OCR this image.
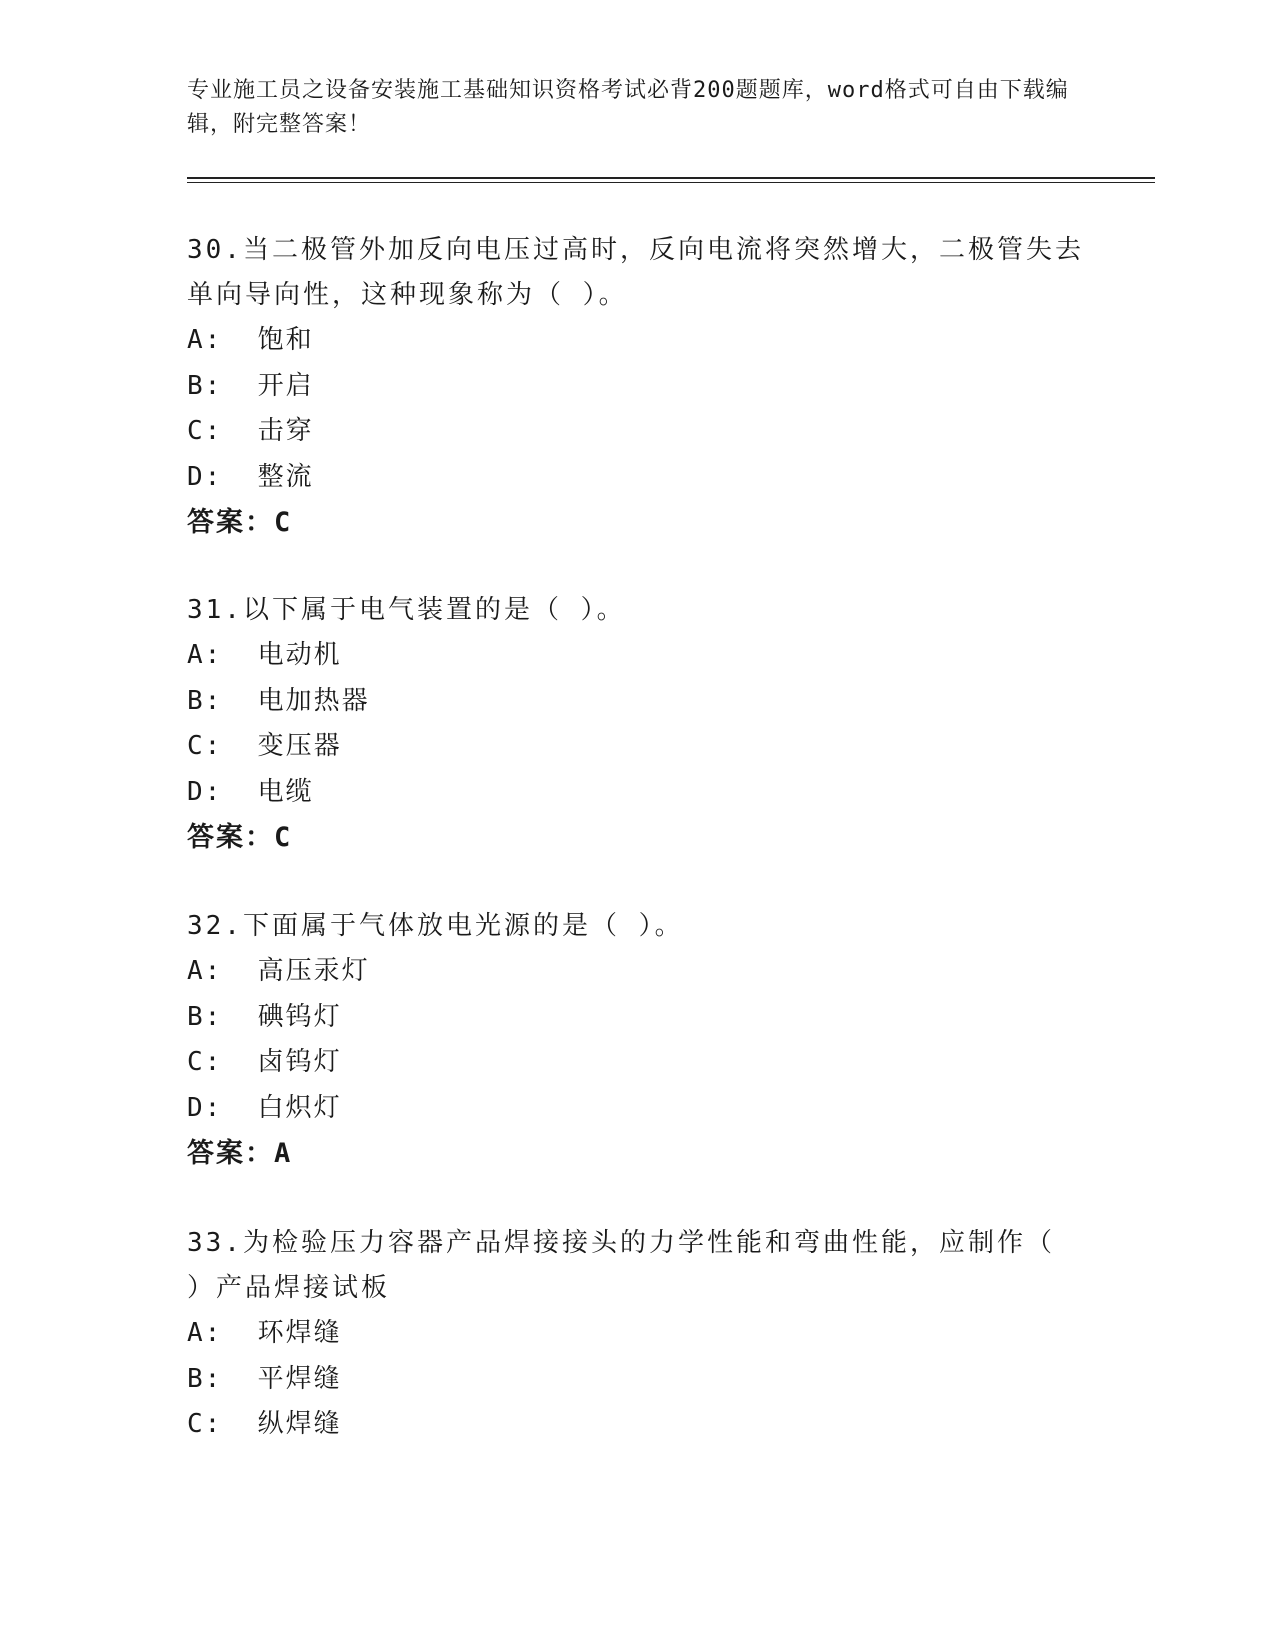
专业施工员之设备安装施工基础知识资格考试必背200题题库，word格式可自由下载编辑，附完整答案！
30.当二极管外加反向电压过高时，反向电流将突然增大，二极管失去单向导向性，这种现象称为（ ）。
A:  饱和
B:  开启
C:  击穿
D:  整流
答案：C
31.以下属于电气装置的是（ ）。
A:  电动机
B:  电加热器
C:  变压器
D:  电缆
答案：C
32.下面属于气体放电光源的是（ ）。
A:  高压汞灯
B:  碘钨灯
C:  卤钨灯
D:  白炽灯
答案：A
33.为检验压力容器产品焊接接头的力学性能和弯曲性能，应制作（ ）产品焊接试板
A:  环焊缝
B:  平焊缝
C:  纵焊缝
